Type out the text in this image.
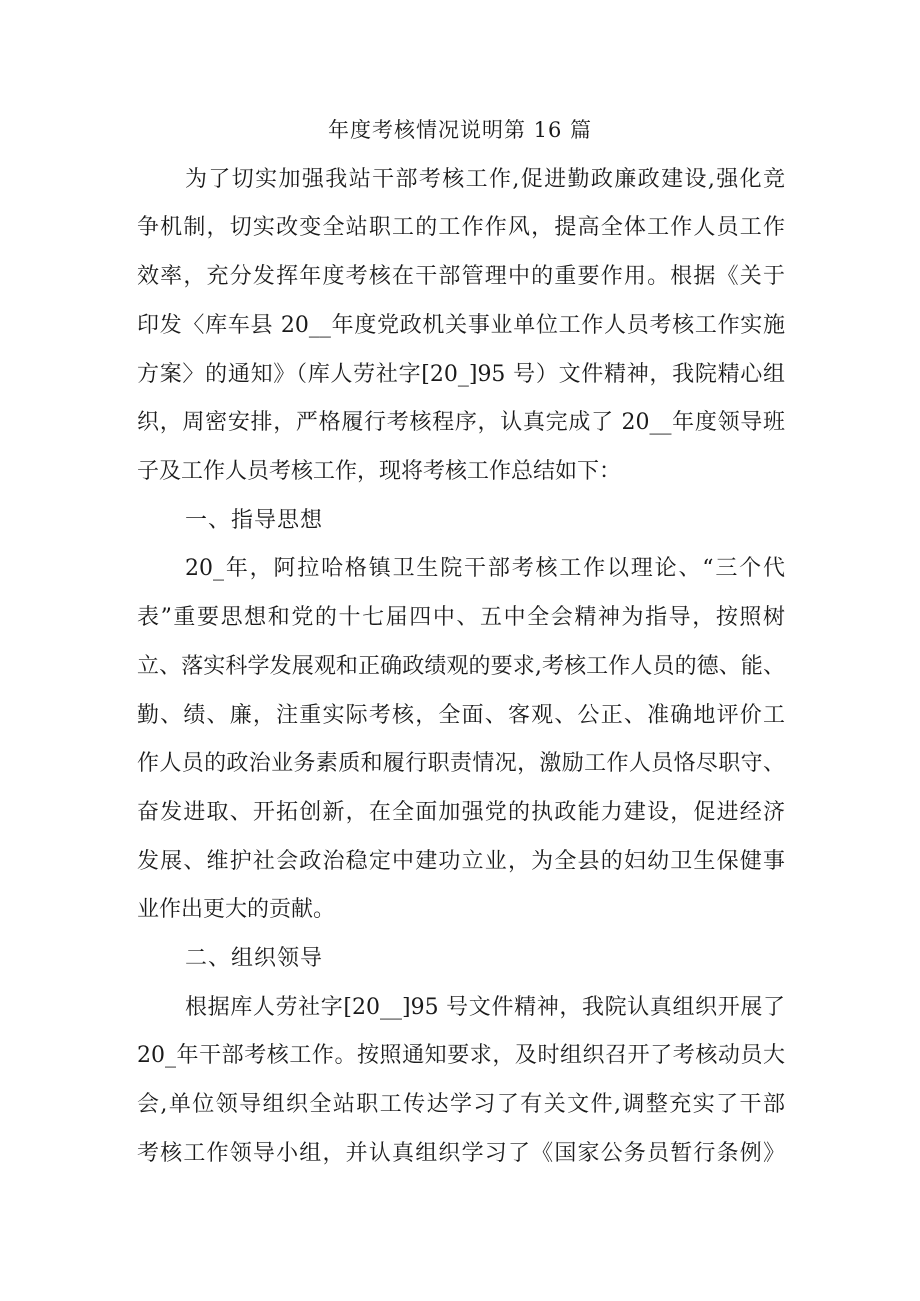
年度考核情况说明第 16 篇
为了切实加强我站干部考核工作,促进勤政廉政建设,强化竞
争机制，切实改变全站职工的工作作风，提高全体工作人员工作
效率，充分发挥年度考核在干部管理中的重要作用。根据《关于
印发〈库车县 20__年度党政机关事业单位工作人员考核工作实施
方案〉的通知》（库人劳社字[20_]95 号）文件精神，我院精心组
织，周密安排，严格履行考核程序，认真完成了 20__年度领导班
子及工作人员考核工作，现将考核工作总结如下：
一、指导思想
20_年，阿拉哈格镇卫生院干部考核工作以理论、“三个代
表”重要思想和党的十七届四中、五中全会精神为指导，按照树
立、落实科学发展观和正确政绩观的要求,考核工作人员的德、能、
勤、绩、廉，注重实际考核，全面、客观、公正、准确地评价工
作人员的政治业务素质和履行职责情况，激励工作人员恪尽职守、
奋发进取、开拓创新，在全面加强党的执政能力建设，促进经济
发展、维护社会政治稳定中建功立业，为全县的妇幼卫生保健事
业作出更大的贡献。
二、组织领导
根据库人劳社字[20__]95 号文件精神，我院认真组织开展了
20_年干部考核工作。按照通知要求，及时组织召开了考核动员大
会,单位领导组织全站职工传达学习了有关文件,调整充实了干部
考核工作领导小组，并认真组织学习了《国家公务员暂行条例》
